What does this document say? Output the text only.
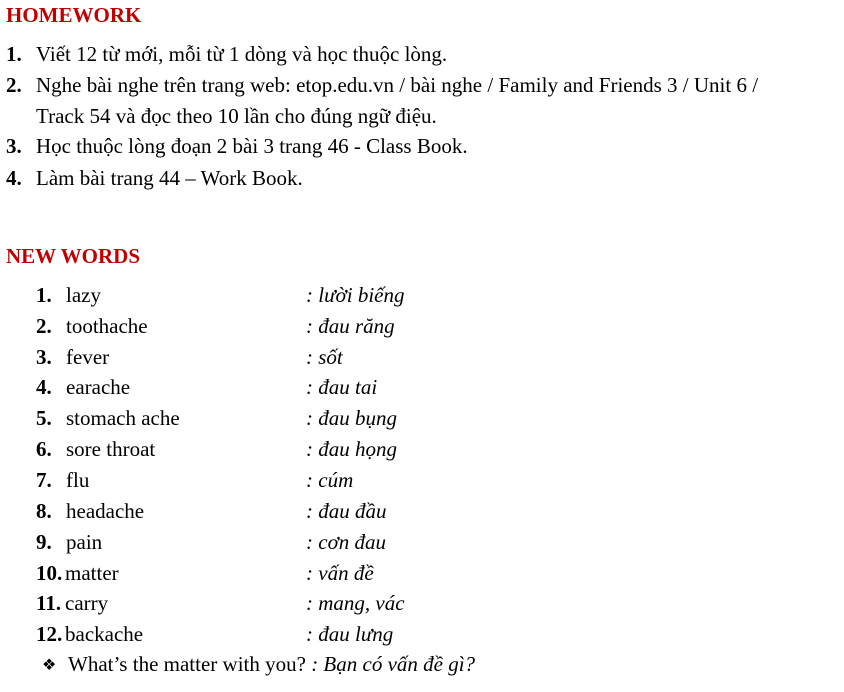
HOMEWORK
1. Viết 12 từ mới, mỗi từ 1 dòng và học thuộc lòng.
2. Nghe bài nghe trên trang web: etop.edu.vn / bài nghe / Family and Friends 3 / Unit 6 /
Track 54 và đọc theo 10 lần cho đúng ngữ điệu.
3. Học thuộc lòng đoạn 2 bài 3 trang 46 - Class Book.
4. Làm bài trang 44 – Work Book.
NEW WORDS
1. lazy	: lười biếng
2. toothache	: đau răng
3. fever	: sốt
4. earache	: đau tai
5. stomach ache	: đau bụng
6. sore throat	: đau họng
7. flu	: cúm
8. headache	: đau đầu
9. pain	: cơn đau
10. matter	: vấn đề
11. carry	: mang, vác
12. backache	: đau lưng
❖ What’s the matter with you? : Bạn có vấn đề gì?
